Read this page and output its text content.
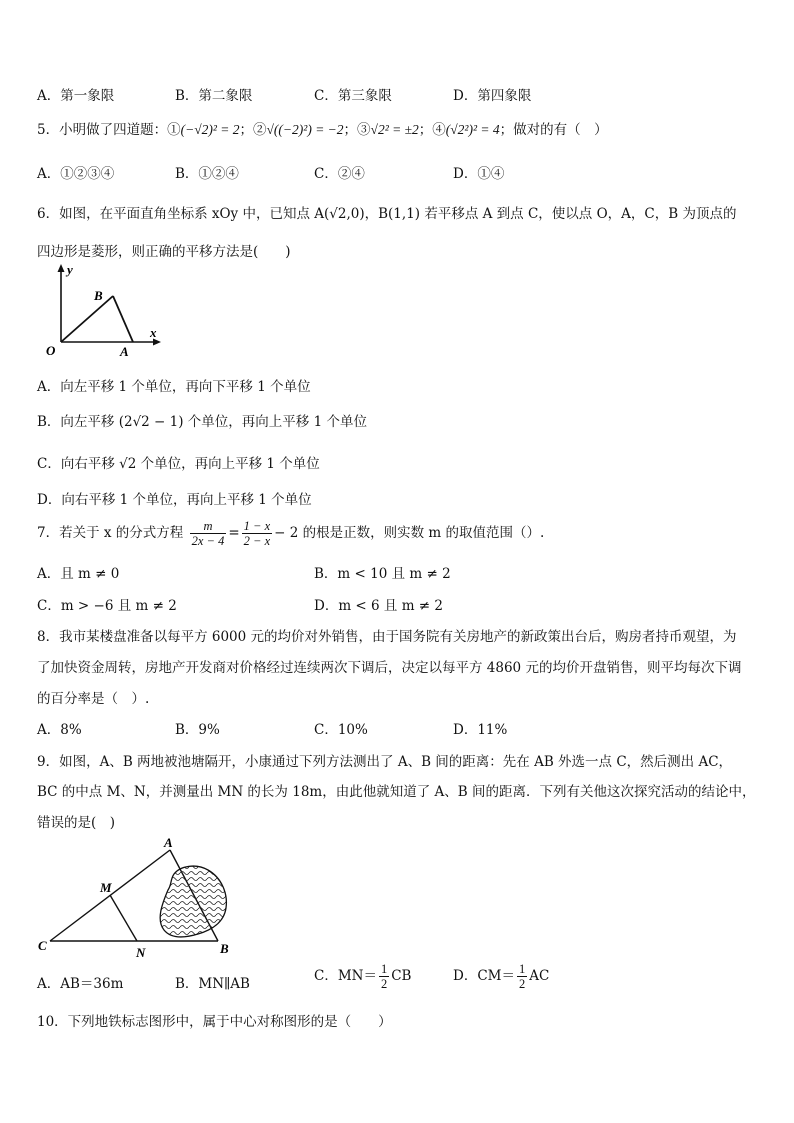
A．第一象限	B．第二象限	C．第三象限	D．第四象限
5．小明做了四道题：①(−√2)² = 2；②√((−2)²) = −2；③√2² = ±2；④(√2²)² = 4；做对的有（　）
A．①②③④	B．①②④	C．②④	D．①④
6．如图，在平面直角坐标系 xOy 中，已知点 A(√2,0)，B(1,1) 若平移点 A 到点 C，使以点 O，A，C，B 为顶点的
四边形是菱形，则正确的平移方法是(　　)
y
x
O	A
B
A．向左平移 1 个单位，再向下平移 1 个单位
B．向左平移 (2√2 − 1) 个单位，再向上平移 1 个单位
C．向右平移 √2 个单位，再向上平移 1 个单位
D．向右平移 1 个单位，再向上平移 1 个单位
7．若关于 x 的分式方程 $\frac{m}{2x - 4} = \frac{1 - x}{2 - x} - 2$ 的根是正数，则实数 m 的取值范围（）.
A．且 m ≠ 0	B．m < 10 且 m ≠ 2
C．m > −6 且 m ≠ 2	D．m < 6 且 m ≠ 2
8．我市某楼盘准备以每平方 6000 元的均价对外销售，由于国务院有关房地产的新政策出台后，购房者持币观望，为
了加快资金周转，房地产开发商对价格经过连续两次下调后，决定以每平方 4860 元的均价开盘销售，则平均每次下调
的百分率是（　）.
A．8%	B．9%	C．10%	D．11%
9．如图，A、B 两地被池塘隔开，小康通过下列方法测出了 A、B 间的距离：先在 AB 外选一点 C，然后测出 AC，
BC 的中点 M、N，并测量出 MN 的长为 18m，由此他就知道了 A、B 间的距离．下列有关他这次探究活动的结论中，
错误的是(　)
A
B
C
M
N
A．AB＝36m	B．MN∥AB	C．$MN= \frac{1}{2}$ CB	D．$CM= \frac{1}{2}$ AC
10．下列地铁标志图形中，属于中心对称图形的是（　　）
